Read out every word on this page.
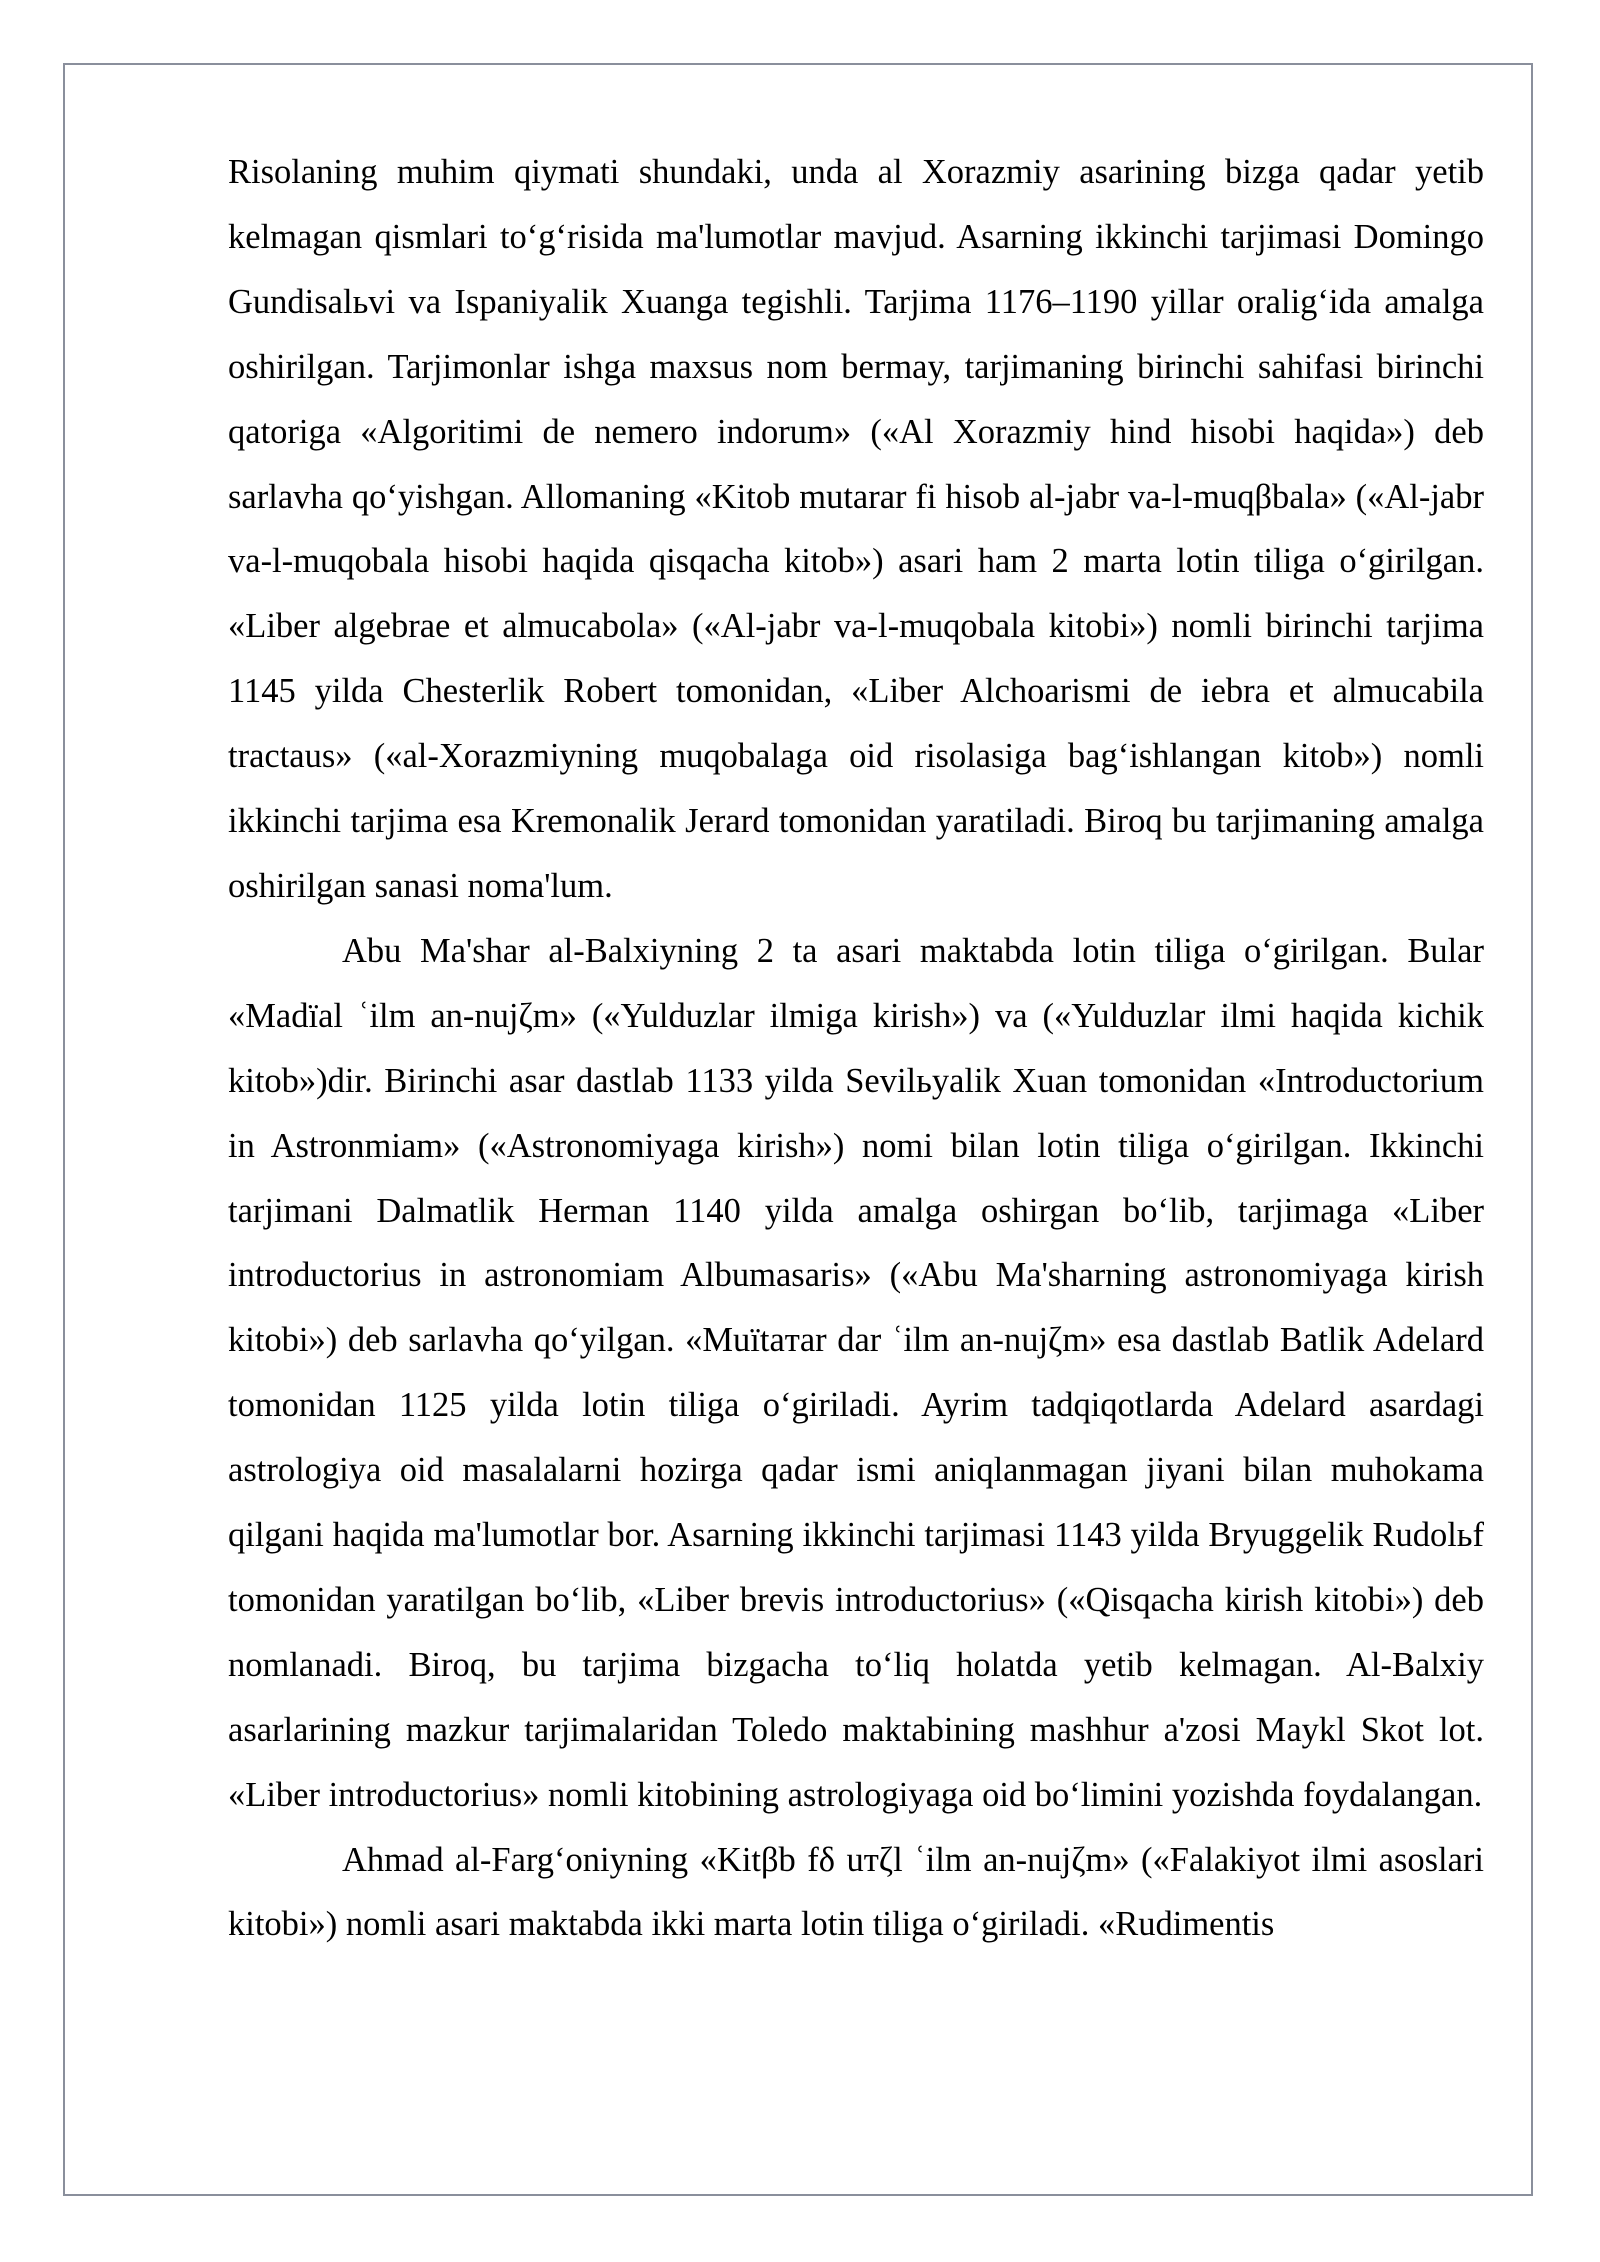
Risolaning muhim qiymati shundaki, unda al Xorazmiy asarining bizga qadar yetib kelmagan qismlari to‘g‘risida ma'lumotlar mavjud. Asarning ikkinchi tarjimasi Domingo Gundisalьvi va Ispaniyalik Xuanga tegishli. Tarjima 1176–1190 yillar oralig‘ida amalga oshirilgan. Tarjimonlar ishga maxsus nom bermay, tarjimaning birinchi sahifasi birinchi qatoriga «Algoritimi de nemero indorum» («Al Xorazmiy hind hisobi haqida») deb sarlavha qo‘yishgan. Allomaning «Kitob mutarar fi hisob al-jabr va-l-muqβbala» («Al-jabr va-l-muqobala hisobi haqida qisqacha kitob») asari ham 2 marta lotin tiliga o‘girilgan. «Liber algebrae et almucabola» («Al-jabr va-l-muqobala kitobi») nomli birinchi tarjima 1145 yilda Chesterlik Robert tomonidan, «Liber Alchoarismi de iebra et almucabila tractaus» («al-Xorazmiyning muqobalaga oid risolasiga bag‘ishlangan kitob») nomli ikkinchi tarjima esa Kremonalik Jerard tomonidan yaratiladi. Biroq bu tarjimaning amalga oshirilgan sanasi noma'lum.

Abu Ma'shar al-Balxiyning 2 ta asari maktabda lotin tiliga o‘girilgan. Bular «Madїal ʿilm an-nujζm» («Yulduzlar ilmiga kirish») va («Yulduzlar ilmi haqida kichik kitob»)dir. Birinchi asar dastlab 1133 yilda Sevilьyalik Xuan tomonidan «Introductorium in Astronmiam» («Astronomiyaga kirish») nomi bilan lotin tiliga o‘girilgan. Ikkinchi tarjimani Dalmatlik Herman 1140 yilda amalga oshirgan bo‘lib, tarjimaga «Liber introductorius in astronomiam Albumasaris» («Abu Ma'sharning astronomiyaga kirish kitobi») deb sarlavha qo‘yilgan. «Muїtaтar dar ʿilm an-nujζm» esa dastlab Batlik Adelard tomonidan 1125 yilda lotin tiliga o‘giriladi. Ayrim tadqiqotlarda Adelard asardagi astrologiya oid masalalarni hozirga qadar ismi aniqlanmagan jiyani bilan muhokama qilgani haqida ma'lumotlar bor. Asarning ikkinchi tarjimasi 1143 yilda Bryuggelik Rudolьf tomonidan yaratilgan bo‘lib, «Liber brevis introductorius» («Qisqacha kirish kitobi») deb nomlanadi. Biroq, bu tarjima bizgacha to‘liq holatda yetib kelmagan. Al-Balxiy asarlarining mazkur tarjimalaridan Toledo maktabining mashhur a'zosi Maykl Skot lot. «Liber introductorius» nomli kitobining astrologiyaga oid bo‘limini yozishda foydalangan.

Ahmad al-Farg‘oniyning «Kitβb fδ uтζl ʿilm an-nujζm» («Falakiyot ilmi asoslari kitobi») nomli asari maktabda ikki marta lotin tiliga o‘giriladi. «Rudimentis
